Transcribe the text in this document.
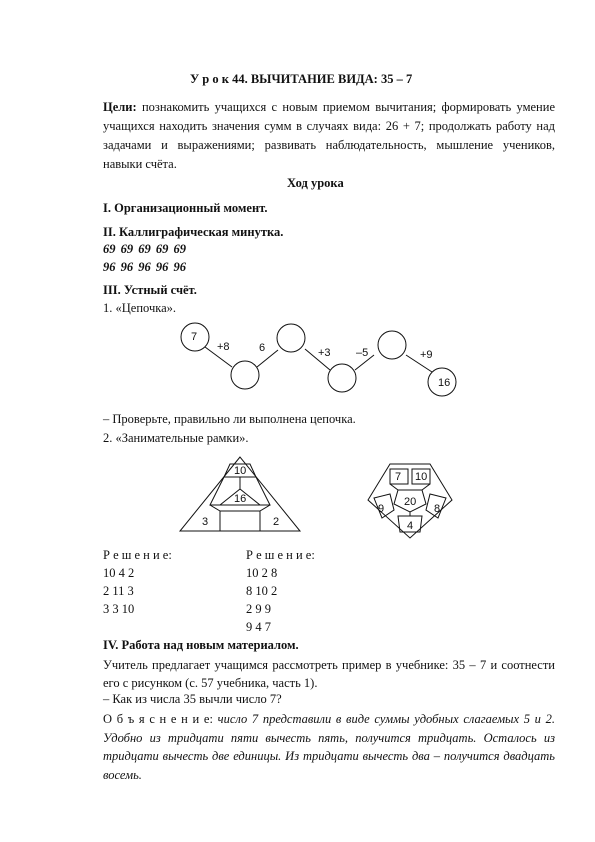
У р о к 44. ВЫЧИТАНИЕ ВИДА: 35 – 7
Цели: познакомить учащихся с новым приемом вычитания; формировать умение учащихся находить значения сумм в случаях вида: 26 + 7; продолжать работу над задачами и выражениями; развивать наблюдательность, мышление учеников, навыки счёта.
Ход урока
I. Организационный момент.
II. Каллиграфическая минутка.
69 69 69 69 69
96 96 96 96 96
III. Устный счёт.
1. «Цепочка».
7
16
+8	6	+3 –5	+9
– Проверьте, правильно ли выполнена цепочка.
2. «Занимательные рамки».
10
16
3	2
7 10
20
9	8
4
Р е ш е н и е:
10 4 2
2 11 3
3 3 10
Р е ш е н и е:
10 2 8
8 10 2
2 9 9
9 4 7
IV. Работа над новым материалом.
Учитель предлагает учащимся рассмотреть пример в учебнике: 35 – 7 и соотнести его с рисунком (с. 57 учебника, часть 1).
– Как из числа 35 вычли число 7?
О б ъ я с н е н и е: число 7 представили в виде суммы удобных слагаемых 5 и 2. Удобно из тридцати пяти вычесть пять, получится тридцать. Осталось из тридцати вычесть две единицы. Из тридцати вычесть два – получится двадцать восемь.
